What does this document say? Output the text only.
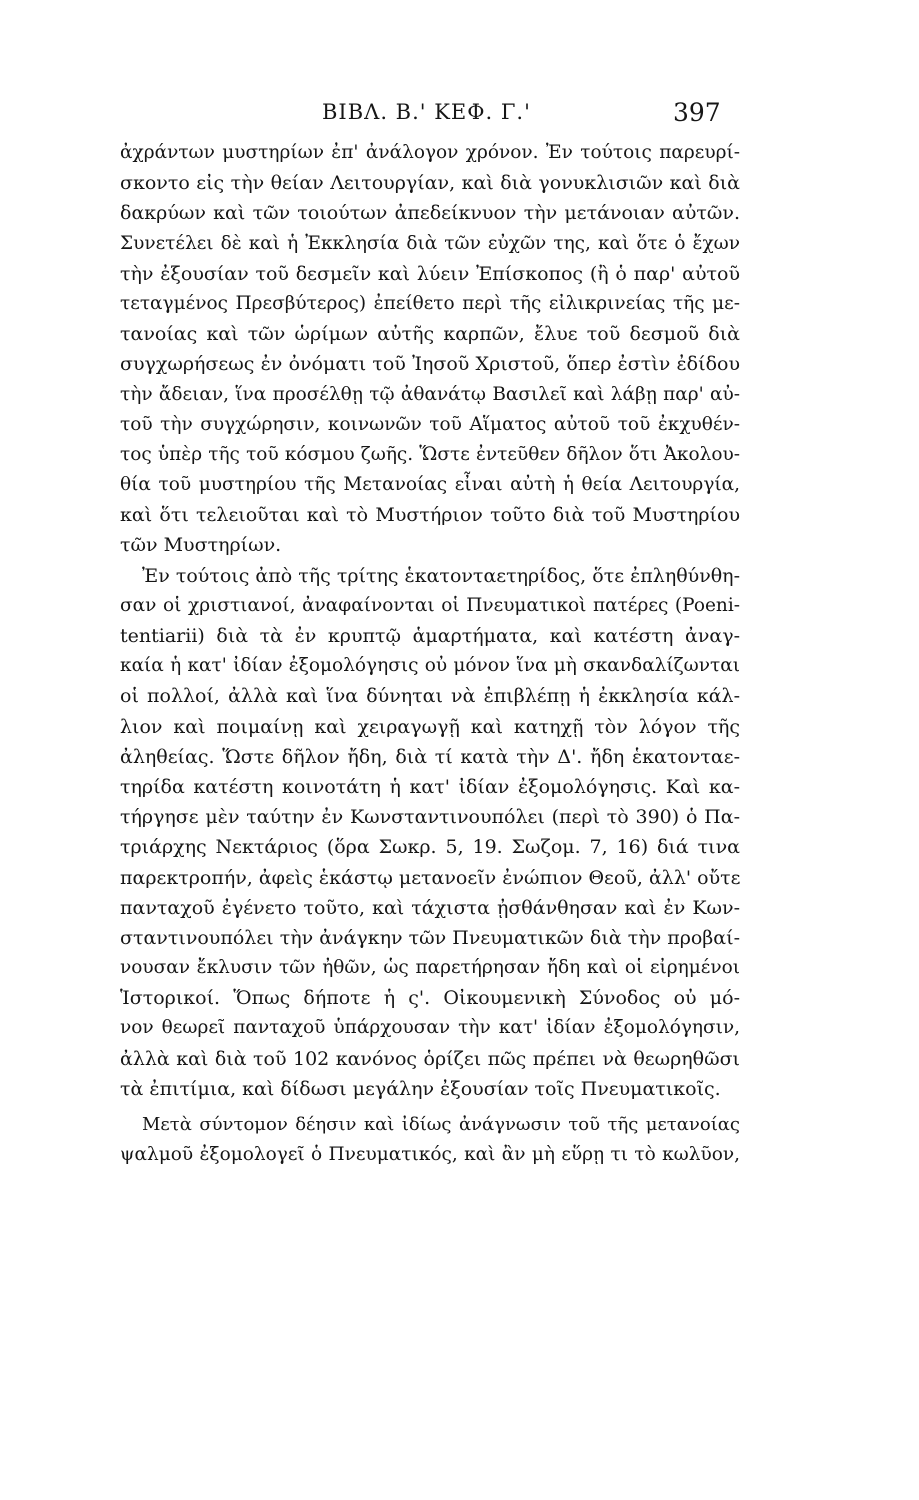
ΒΙΒΛ. Β.' ΚΕΦ. Γ.'	397
ἀχράντων μυστηρίων ἐπ' ἀνάλογον χρόνον. Ἐν τούτοις παρευρί-
σκοντο εἰς τὴν θείαν Λειτουργίαν, καὶ διὰ γονυκλισιῶν καὶ διὰ
δακρύων καὶ τῶν τοιούτων ἀπεδείκνυον τὴν μετάνοιαν αὐτῶν.
Συνετέλει δὲ καὶ ἡ Ἐκκλησία διὰ τῶν εὐχῶν της, καὶ ὅτε ὁ ἔχων
τὴν ἐξουσίαν τοῦ δεσμεῖν καὶ λύειν Ἐπίσκοπος (ἢ ὁ παρ' αὐτοῦ
τεταγμένος Πρεσβύτερος) ἐπείθετο περὶ τῆς εἰλικρινείας τῆς με-
τανοίας καὶ τῶν ὡρίμων αὐτῆς καρπῶν, ἔλυε τοῦ δεσμοῦ διὰ
συγχωρήσεως ἐν ὀνόματι τοῦ Ἰησοῦ Χριστοῦ, ὅπερ ἐστὶν ἐδίδου
τὴν ἄδειαν, ἵνα προσέλθῃ τῷ ἀθανάτῳ Βασιλεῖ καὶ λάβῃ παρ' αὐ-
τοῦ τὴν συγχώρησιν, κοινωνῶν τοῦ Αἵματος αὐτοῦ τοῦ ἐκχυθέν-
τος ὑπὲρ τῆς τοῦ κόσμου ζωῆς. Ὥστε ἐντεῦθεν δῆλον ὅτι Ἀκολου-
θία τοῦ μυστηρίου τῆς Μετανοίας εἶναι αὐτὴ ἡ θεία Λειτουργία,
καὶ ὅτι τελειοῦται καὶ τὸ Μυστήριον τοῦτο διὰ τοῦ Μυστηρίου
τῶν Μυστηρίων.
Ἐν τούτοις ἀπὸ τῆς τρίτης ἑκατονταετηρίδος, ὅτε ἐπληθύνθη-
σαν οἱ χριστιανοί, ἀναφαίνονται οἱ Πνευματικοὶ πατέρες (Poeni-
tentiarii) διὰ τὰ ἐν κρυπτῷ ἁμαρτήματα, καὶ κατέστη ἀναγ-
καία ἡ κατ' ἰδίαν ἐξομολόγησις οὐ μόνον ἵνα μὴ σκανδαλίζωνται
οἱ πολλοί, ἀλλὰ καὶ ἵνα δύνηται νὰ ἐπιβλέπῃ ἡ ἐκκλησία κάλ-
λιον καὶ ποιμαίνῃ καὶ χειραγωγῇ καὶ κατηχῇ τὸν λόγον τῆς
ἀληθείας. Ὥστε δῆλον ἤδη, διὰ τί κατὰ τὴν Δ'. ἤδη ἑκατονταε-
τηρίδα κατέστη κοινοτάτη ἡ κατ' ἰδίαν ἐξομολόγησις. Καὶ κα-
τήργησε μὲν ταύτην ἐν Κωνσταντινουπόλει (περὶ τὸ 390) ὁ Πα-
τριάρχης Νεκτάριος (ὅρα Σωκρ. 5, 19. Σωζομ. 7, 16) διά τινα
παρεκτροπήν, ἀφεὶς ἑκάστῳ μετανοεῖν ἐνώπιον Θεοῦ, ἀλλ' οὔτε
πανταχοῦ ἐγένετο τοῦτο, καὶ τάχιστα ᾐσθάνθησαν καὶ ἐν Κων-
σταντινουπόλει τὴν ἀνάγκην τῶν Πνευματικῶν διὰ τὴν προβαί-
νουσαν ἔκλυσιν τῶν ἠθῶν, ὡς παρετήρησαν ἤδη καὶ οἱ εἰρημένοι
Ἱστορικοί. Ὅπως δήποτε ἡ ς'. Οἰκουμενικὴ Σύνοδος οὐ μό-
νον θεωρεῖ πανταχοῦ ὑπάρχουσαν τὴν κατ' ἰδίαν ἐξομολόγησιν,
ἀλλὰ καὶ διὰ τοῦ 102 κανόνος ὁρίζει πῶς πρέπει νὰ θεωρηθῶσι
τὰ ἐπιτίμια, καὶ δίδωσι μεγάλην ἐξουσίαν τοῖς Πνευματικοῖς.
Μετὰ σύντομον δέησιν καὶ ἰδίως ἀνάγνωσιν τοῦ τῆς μετανοίας
ψαλμοῦ ἐξομολογεῖ ὁ Πνευματικός, καὶ ἂν μὴ εὕρῃ τι τὸ κωλῦον,
